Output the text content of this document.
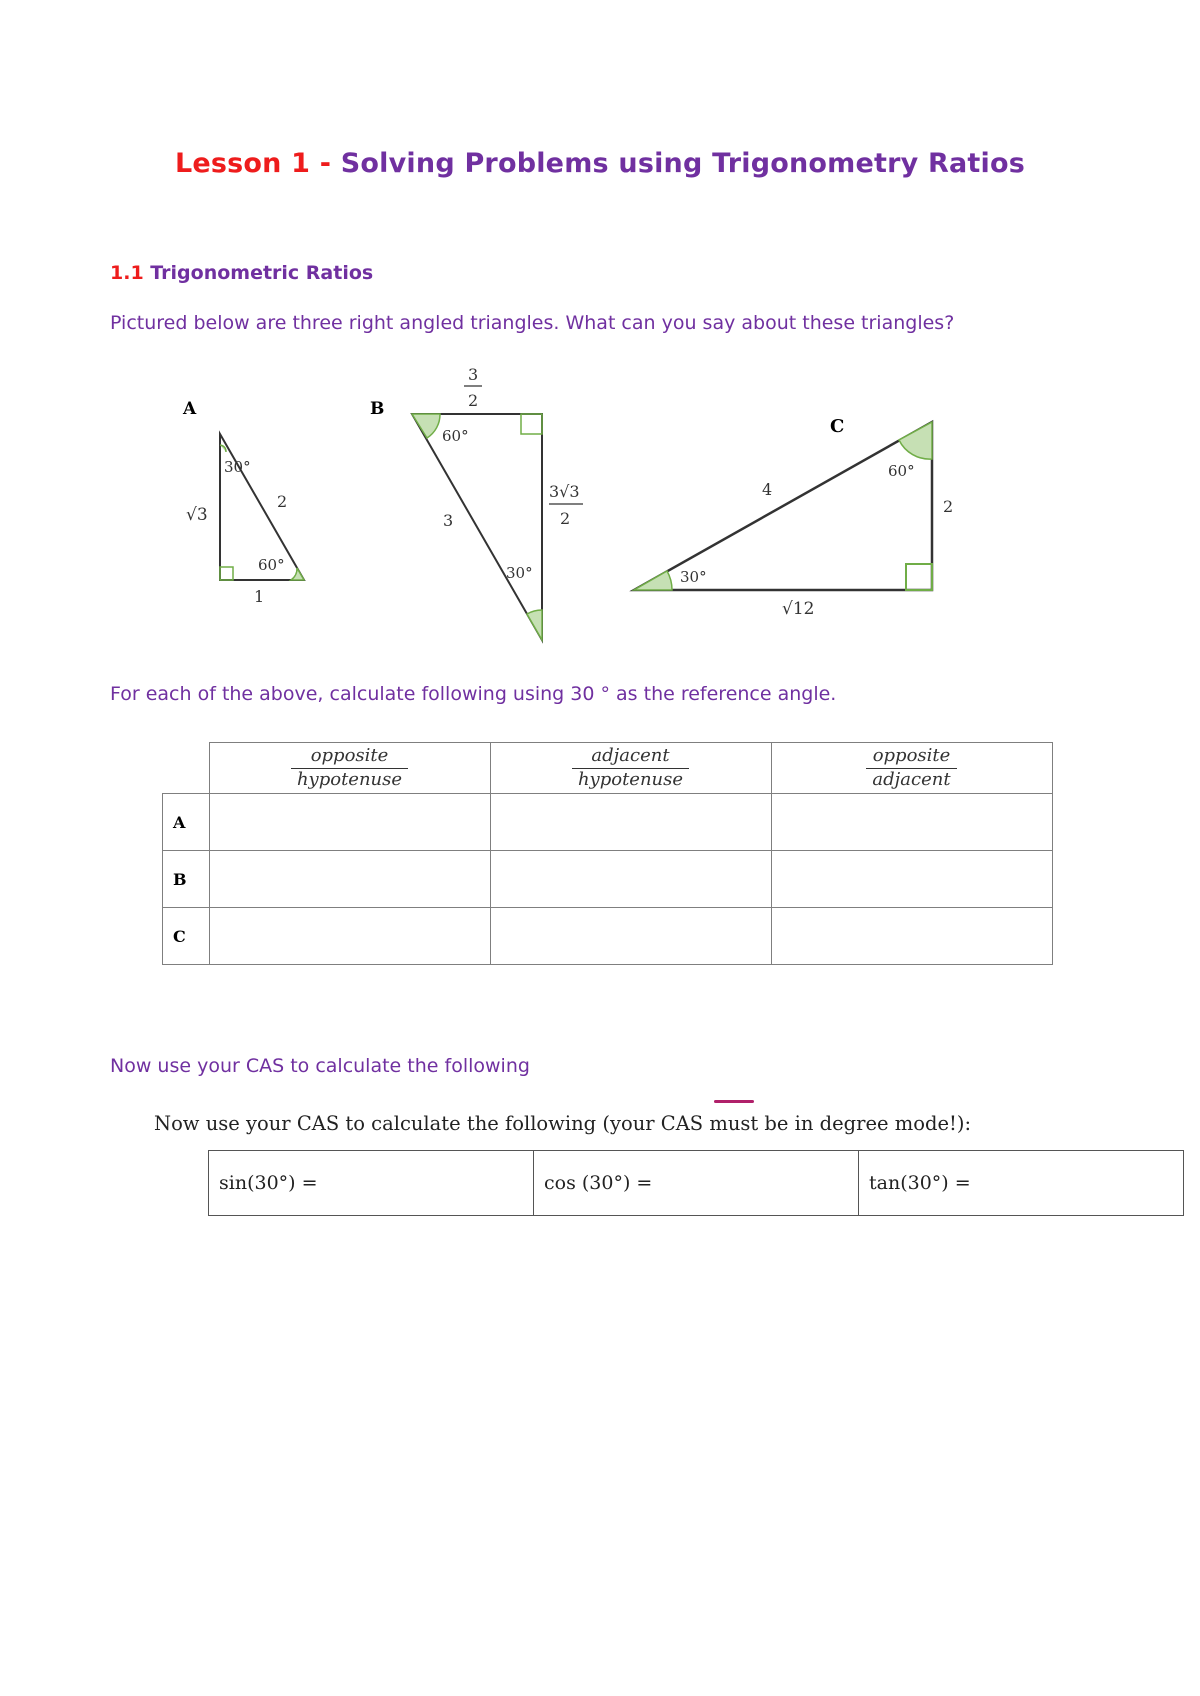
Lesson 1 - Solving Problems using Trigonometry Ratios
1.1 Trigonometric Ratios
Pictured below are three right angled triangles. What can you say about these triangles?
A
30°
60°
√3
2
1
B
60°
30°
3
2
3
3√3
2
C
30°
60°
4
2
√12
For each of the above, calculate following using 30 ° as the reference angle.

	$\frac{\text{opposite}}{\text{hypotenuse}}$	$\frac{\text{adjacent}}{\text{hypotenuse}}$	$\frac{\text{opposite}}{\text{adjacent}}$

A			
B			
C			
Now use your CAS to calculate the following
Now use your CAS to calculate the following (your CAS must be in degree mode!):
sin(30°) =	cos (30°) =	tan(30°) =
